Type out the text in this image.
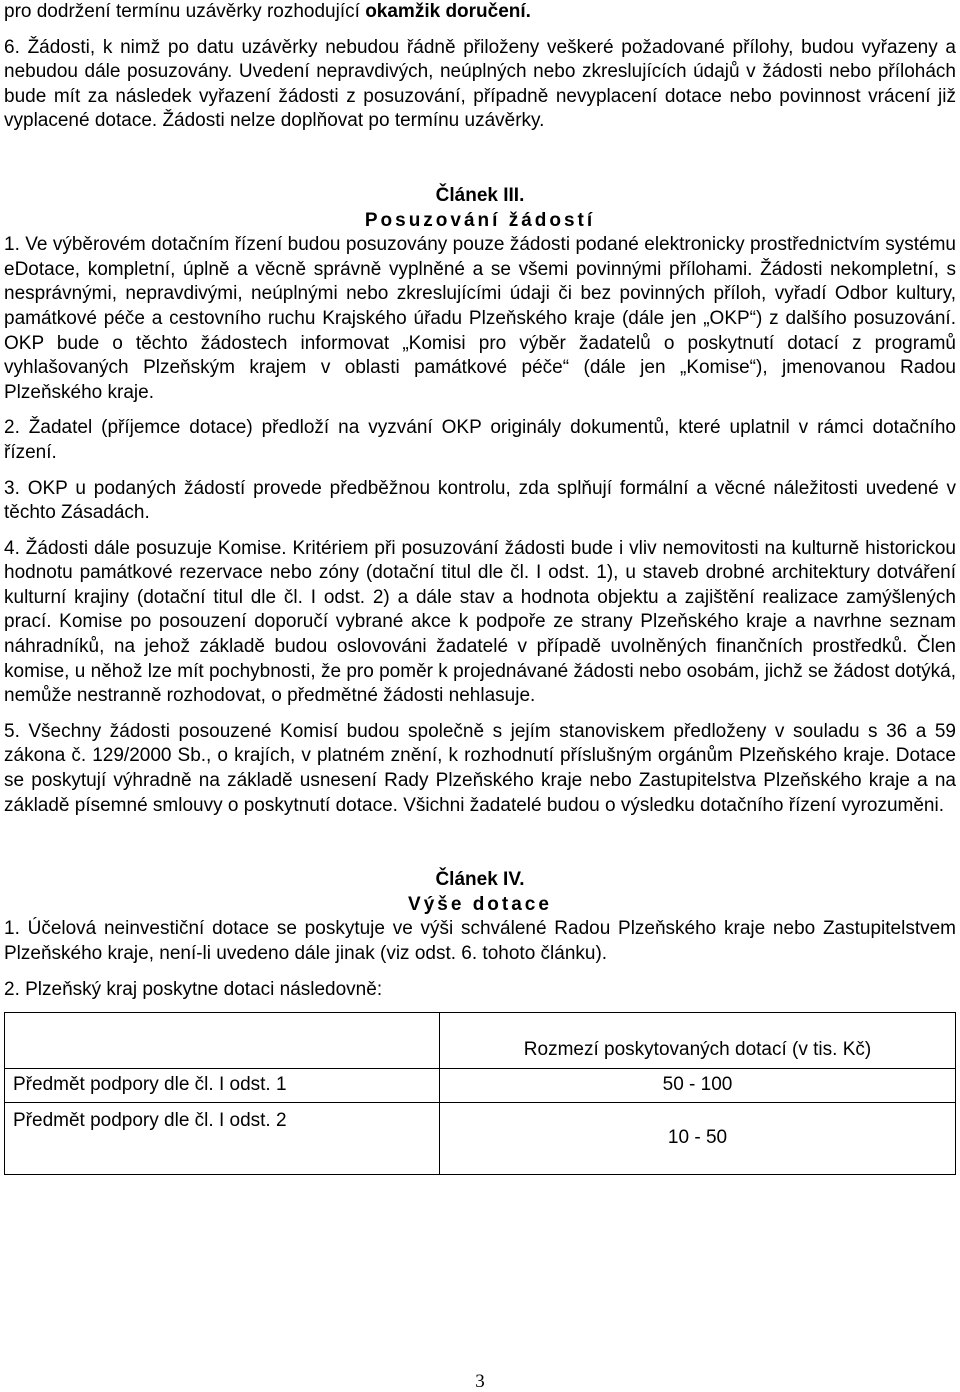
pro dodržení termínu uzávěrky rozhodující okamžik doručení.

6. Žádosti, k nimž po datu uzávěrky nebudou řádně přiloženy veškeré požadované přílohy, budou vyřazeny a nebudou dále posuzovány. Uvedení nepravdivých, neúplných nebo zkreslujících údajů v žádosti nebo přílohách bude mít za následek vyřazení žádosti z posuzování, případně nevyplacení dotace nebo povinnost vrácení již vyplacené dotace. Žádosti nelze doplňovat po termínu uzávěrky.

Článek III.
Posuzování žádostí

1. Ve výběrovém dotačním řízení budou posuzovány pouze žádosti podané elektronicky prostřednictvím systému eDotace, kompletní, úplně a věcně správně vyplněné a se všemi povinnými přílohami. Žádosti nekompletní, s nesprávnými, nepravdivými, neúplnými nebo zkreslujícími údaji či bez povinných příloh, vyřadí Odbor kultury, památkové péče a cestovního ruchu Krajského úřadu Plzeňského kraje (dále jen „OKP“) z dalšího posuzování. OKP bude o těchto žádostech informovat „Komisi pro výběr žadatelů o poskytnutí dotací z programů vyhlašovaných Plzeňským krajem v oblasti památkové péče“ (dále jen „Komise“), jmenovanou Radou Plzeňského kraje.

2. Žadatel (příjemce dotace) předloží na vyzvání OKP originály dokumentů, které uplatnil v rámci dotačního řízení.

3. OKP u podaných žádostí provede předběžnou kontrolu, zda splňují formální a věcné náležitosti uvedené v těchto Zásadách.

4. Žádosti dále posuzuje Komise. Kritériem při posuzování žádosti bude i vliv nemovitosti na kulturně historickou hodnotu památkové rezervace nebo zóny (dotační titul dle čl. I odst. 1), u staveb drobné architektury dotváření kulturní krajiny (dotační titul dle čl. I odst. 2) a dále stav a hodnota objektu a zajištění realizace zamýšlených prací. Komise po posouzení doporučí vybrané akce k podpoře ze strany Plzeňského kraje a navrhne seznam náhradníků, na jehož základě budou oslovováni žadatelé v případě uvolněných finančních prostředků. Člen komise, u něhož lze mít pochybnosti, že pro poměr k projednávané žádosti nebo osobám, jichž se žádost dotýká, nemůže nestranně rozhodovat, o předmětné žádosti nehlasuje.

5. Všechny žádosti posouzené Komisí budou společně s jejím stanoviskem předloženy v souladu s 36 a 59 zákona č. 129/2000 Sb., o krajích, v platném znění, k rozhodnutí příslušným orgánům Plzeňského kraje. Dotace se poskytují výhradně na základě usnesení Rady Plzeňského kraje nebo Zastupitelstva Plzeňského kraje a na základě písemné smlouvy o poskytnutí dotace. Všichni žadatelé budou o výsledku dotačního řízení vyrozuměni.

Článek IV.
Výše dotace

1. Účelová neinvestiční dotace se poskytuje ve výši schválené Radou Plzeňského kraje nebo Zastupitelstvem Plzeňského kraje, není-li uvedeno dále jinak (viz odst. 6. tohoto článku).

2. Plzeňský kraj poskytne dotaci následovně:

	Rozmezí poskytovaných dotací (v tis. Kč)
Předmět podpory dle čl. I odst. 1	50 - 100
Předmět podpory dle čl. I odst. 2	10 - 50
3
